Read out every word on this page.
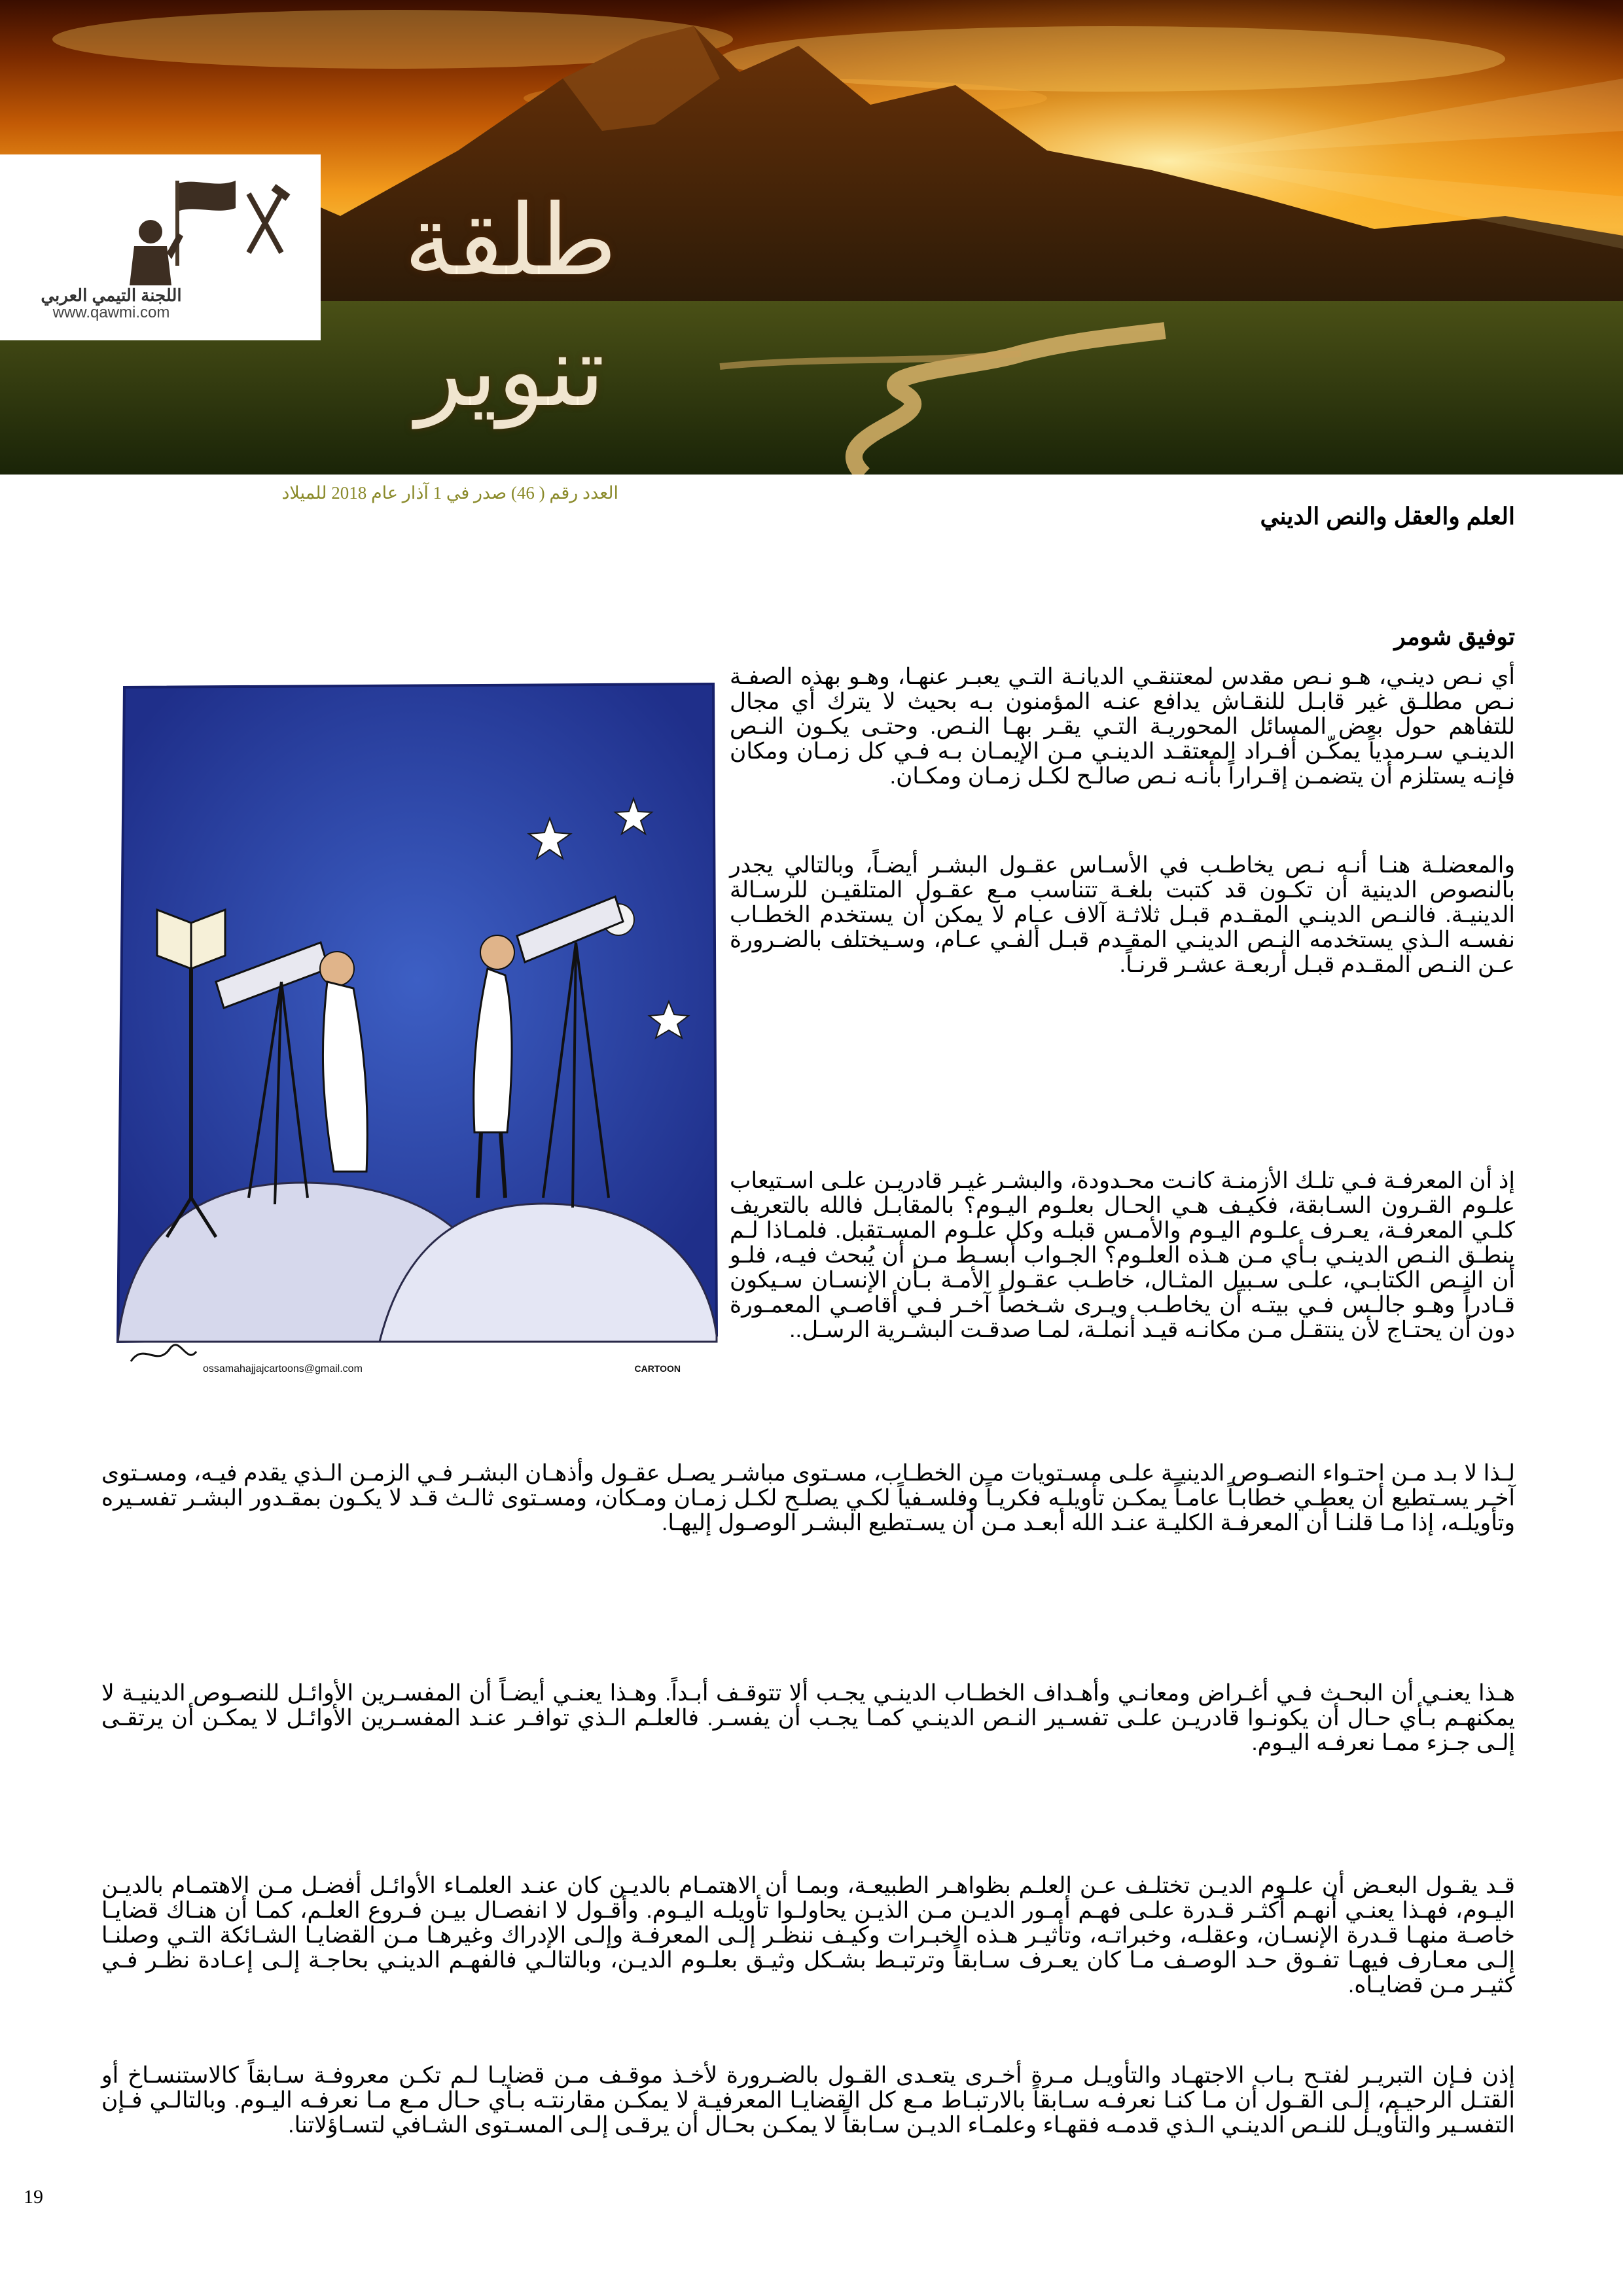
اللجنة التيمي العربي
www.qawmi.com
طلقة تنوير
العدد رقم ( 46) صدر في 1 آذار عام 2018 للميلاد
العلم والعقل والنص الديني
توفيق شومر
ossamahajjajcartoons@gmail.com	CARTOON

أي نـص دينـي، هـو نـص مقدس لمعتنقـي الديانـة التـي يعبـر عنهـا، وهـو بهذه الصفـة نـص مطلـق غير قابـل للنقـاش يدافع عنـه المؤمنون بـه بحيث لا يترك أي مجال للتفاهم حول بعض المسائل المحوريـة التـي يقـر بهـا النـص. وحتـى يكـون النـص الدينـي سـرمدياً يمكّـن أفـراد المعتقـد الدينـي مـن الإيمـان بـه فـي كل زمـان ومكان فإنـه يستلزم أن يتضمـن إقـراراً بأنـه نـص صالـح لكـل زمـان ومكـان.

والمعضلـة هنـا أنـه نـص يخاطـب في الأسـاس عقـول البشـر أيضـاً، وبالتالي يجدر بالنصوص الدينية أن تكـون قد كتبت بلغـة تتناسب مـع عقـول المتلقيـن للرسـالة الدينيـة. فالنـص الدينـي المقـدم قبـل ثلاثـة آلاف عـام لا يمكن أن يستخدم الخطـاب نفسـه الـذي يستخدمه النـص الدينـي المقـدم قبـل ألفـي عـام، وسـيختلف بالضـرورة عـن النـص المقـدم قبـل أربعـة عشـر قرنـاً.

إذ أن المعرفـة فـي تلـك الأزمنـة كانـت محـدودة، والبشـر غيـر قادريـن علـى اسـتيعاب علـوم القـرون السـابقة، فكيـف هـي الحـال بعلـوم اليـوم؟ بالمقابـل فالله بالتعريف كلـي المعرفـة، يعـرف علـوم اليـوم والأمـس قبلـه وكل علـوم المسـتقبل. فلمـاذا لـم ينطـق النـص الدينـي بـأي مـن هـذه العلـوم؟ الجـواب أبسـط مـن أن يُبحث فيـه، فلـو أن النـص الكتابـي، علـى سـبيل المثـال، خاطـب عقـول الأمـة بـأن الإنسـان سـيكون قـادراً وهـو جالـس فـي بيتـه أن يخاطـب ويـرى شـخصاً آخـر فـي أقاصـي المعمـورة دون أن يحتـاج لأن ينتقـل مـن مكانـه قيـد أنملـة، لمـا صدقـت البشـرية الرسـل..

لـذا لا بـد مـن احتـواء النصـوص الدينيـة علـى مسـتويات مـن الخطـاب، مسـتوى مباشـر يصـل عقـول وأذهـان البشـر فـي الزمـن الـذي يقدم فيـه، ومسـتوى آخـر يسـتطيع أن يعطـي خطابـاً عامـاً يمكـن تأويلـه فكريـاً وفلسـفياً لكـي يصلـح لكـل زمـان ومـكان، ومسـتوى ثالـث قـد لا يكـون بمقـدور البشـر تفسـيره وتأويلـه، إذا مـا قلنـا أن المعرفـة الكليـة عنـد الله أبعـد مـن أن يسـتطيع البشـر الوصـول إليهـا.

هـذا يعنـي أن البحـث فـي أغـراض ومعانـي وأهـداف الخطـاب الدينـي يجـب ألا تتوقـف أبـداً. وهـذا يعنـي أيضـاً أن المفسـرين الأوائـل للنصـوص الدينيـة لا يمكنهـم بـأي حـال أن يكونـوا قادريـن علـى تفسـير النـص الدينـي كمـا يجـب أن يفسـر. فالعلـم الـذي توافـر عنـد المفسـرين الأوائـل لا يمكـن أن يرتقـى إلـى جـزء ممـا نعرفـه اليـوم.

قـد يقـول البعـض أن علـوم الديـن تختلـف عـن العلـم بظواهـر الطبيعـة، وبمـا أن الاهتمـام بالديـن كان عنـد العلمـاء الأوائـل أفضـل مـن الاهتمـام بالديـن اليـوم، فهـذا يعنـي أنهـم أكثـر قـدرة علـى فهـم أمـور الديـن مـن الذيـن يحاولـوا تأويلـه اليـوم. وأقـول لا انفصـال بيـن فـروع العلـم، كمـا أن هنـاك قضايـا خاصـة منهـا قـدرة الإنسـان، وعقلـه، وخبراتـه، وتأثيـر هـذه الخبـرات وكيـف ننظـر إلـى المعرفـة وإلـى الإدراك وغيرهـا مـن القضايـا الشـائكة التـي وصلنـا إلـى معـارف فيهـا تفـوق حـد الوصـف مـا كان يعـرف سـابقاً وترتبـط بشـكل وثيـق بعلـوم الديـن، وبالتالـي فالفهـم الدينـي بحاجـة إلـى إعـادة نظـر فـي كثيـر مـن قضايـاه.

إذن فـإن التبريـر لفتـح بـاب الاجتهـاد والتأويـل مـرة أخـرى يتعـدى القـول بالضـرورة لأخـذ موقـف مـن قضايـا لـم تكـن معروفـة سـابقاً كالاستنسـاخ أو القتـل الرحيـم، إلـى القـول أن مـا كنـا نعرفـه سـابقاً بالارتبـاط مـع كل القضايـا المعرفيـة لا يمكـن مقارنتـه بـأي حـال مـع مـا نعرفـه اليـوم. وبالتالـي فـإن التفسـير والتأويـل للنـص الدينـي الـذي قدمـه فقهـاء وعلمـاء الديـن سـابقاً لا يمكـن بحـال أن يرقـى إلـى المسـتوى الشـافي لتسـاؤلاتنا.

19
